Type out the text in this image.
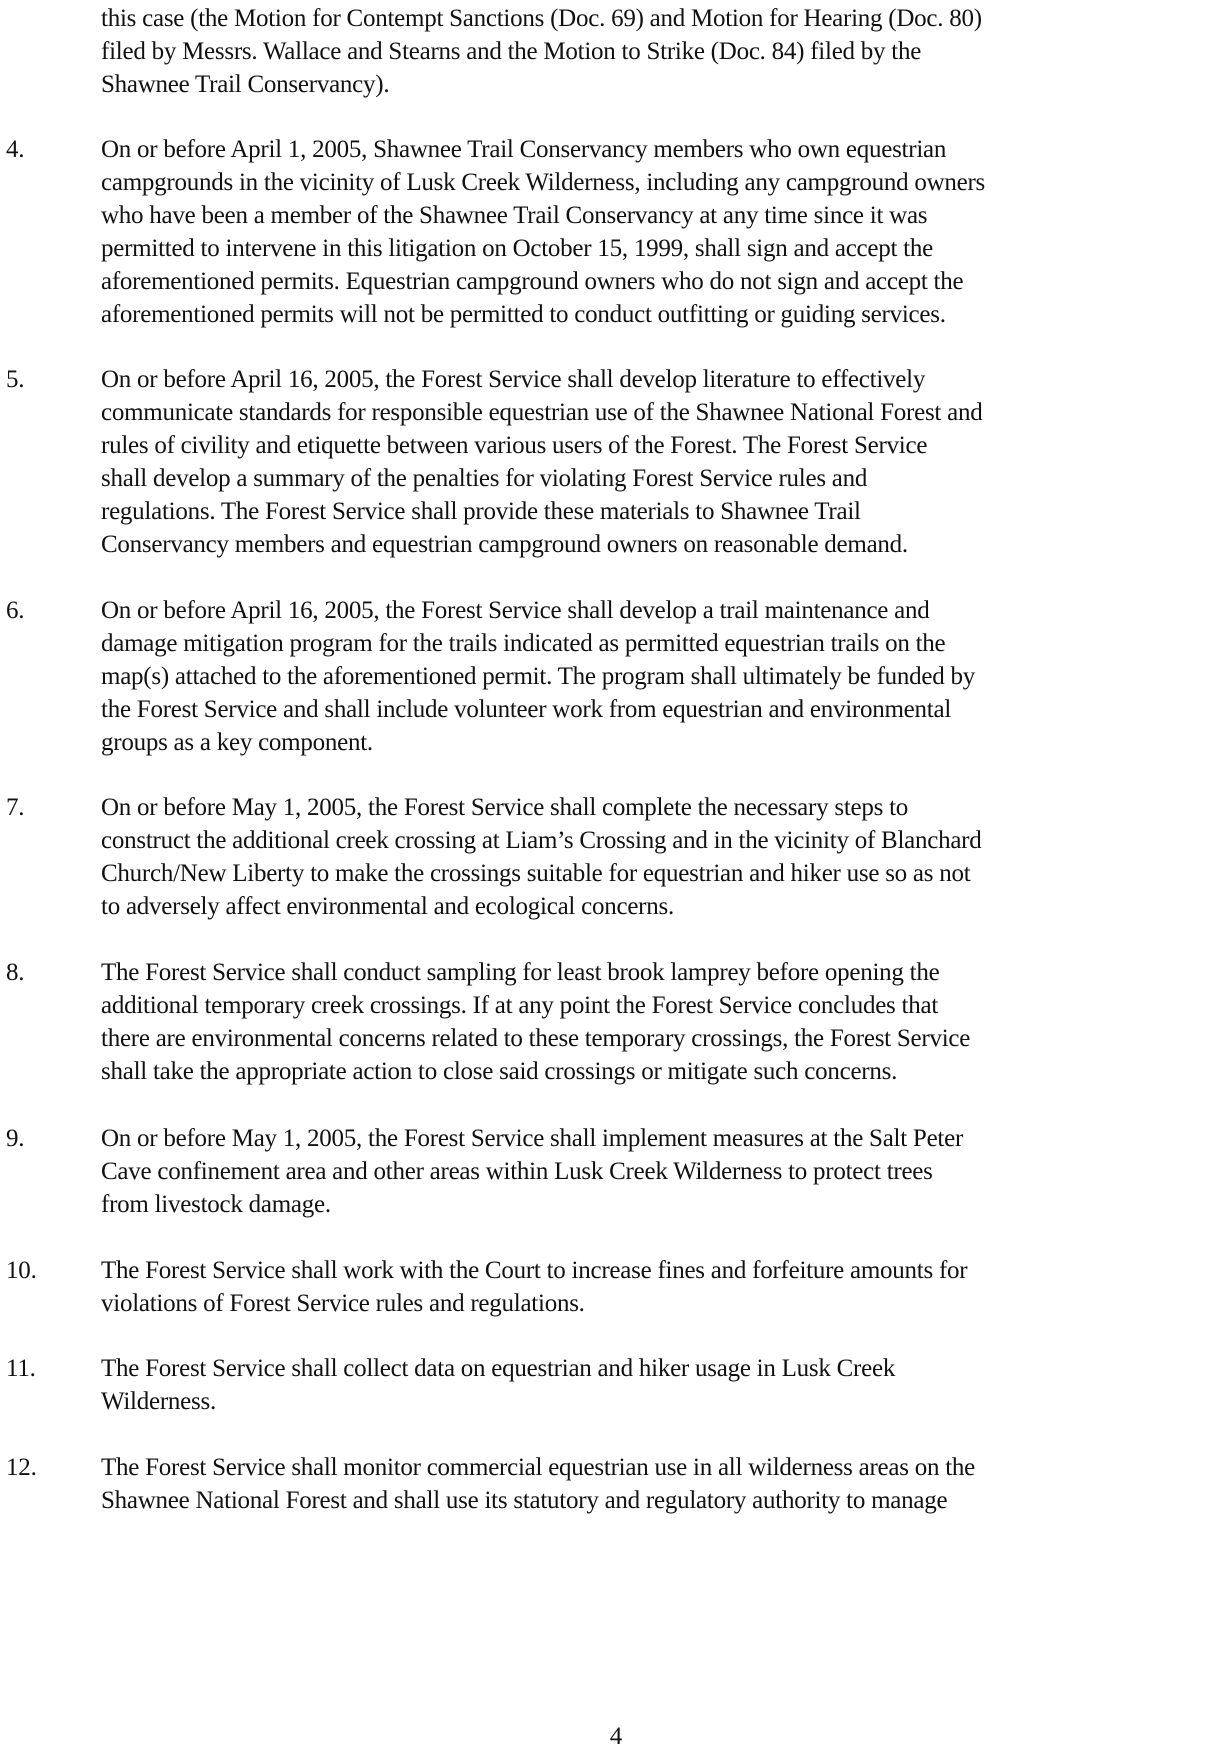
this case (the Motion for Contempt Sanctions (Doc. 69) and Motion for Hearing (Doc. 80)
filed by Messrs. Wallace and Stearns and the Motion to Strike (Doc. 84) filed by the
Shawnee Trail Conservancy).
4.	On or before April 1, 2005, Shawnee Trail Conservancy members who own equestrian
campgrounds in the vicinity of Lusk Creek Wilderness, including any campground owners
who have been a member of the Shawnee Trail Conservancy at any time since it was
permitted to intervene in this litigation on October 15, 1999, shall sign and accept the
aforementioned permits. Equestrian campground owners who do not sign and accept the
aforementioned permits will not be permitted to conduct outfitting or guiding services.
5.	On or before April 16, 2005, the Forest Service shall develop literature to effectively
communicate standards for responsible equestrian use of the Shawnee National Forest and
rules of civility and etiquette between various users of the Forest. The Forest Service
shall develop a summary of the penalties for violating Forest Service rules and
regulations. The Forest Service shall provide these materials to Shawnee Trail
Conservancy members and equestrian campground owners on reasonable demand.
6.	On or before April 16, 2005, the Forest Service shall develop a trail maintenance and
damage mitigation program for the trails indicated as permitted equestrian trails on the
map(s) attached to the aforementioned permit. The program shall ultimately be funded by
the Forest Service and shall include volunteer work from equestrian and environmental
groups as a key component.
7.	On or before May 1, 2005, the Forest Service shall complete the necessary steps to
construct the additional creek crossing at Liam’s Crossing and in the vicinity of Blanchard
Church/New Liberty to make the crossings suitable for equestrian and hiker use so as not
to adversely affect environmental and ecological concerns.
8.	The Forest Service shall conduct sampling for least brook lamprey before opening the
additional temporary creek crossings. If at any point the Forest Service concludes that
there are environmental concerns related to these temporary crossings, the Forest Service
shall take the appropriate action to close said crossings or mitigate such concerns.
9.	On or before May 1, 2005, the Forest Service shall implement measures at the Salt Peter
Cave confinement area and other areas within Lusk Creek Wilderness to protect trees
from livestock damage.
10.	The Forest Service shall work with the Court to increase fines and forfeiture amounts for
violations of Forest Service rules and regulations.
11.	The Forest Service shall collect data on equestrian and hiker usage in Lusk Creek
Wilderness.
12.	The Forest Service shall monitor commercial equestrian use in all wilderness areas on the
Shawnee National Forest and shall use its statutory and regulatory authority to manage
4
